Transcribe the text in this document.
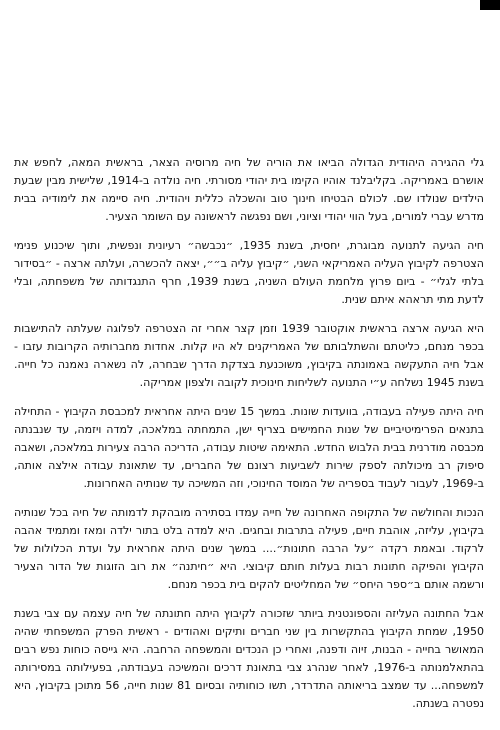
גלי ההגירה היהודית הגדולה הביאו את הוריה של חיה מרוסיה הצאר, בראשית המאה, לחפש את אושרם באמריקה. בקליבלנד אוהיו הקימו בית יהודי מסורתי. חיה נולדה ב-1914, שלישית מבין שבעת הילדים שנולדו שם. לכולם הבטיחו חינוך טוב והשכלה כללית ויהודית. חיה סיימה את לימודיה בבית מדרש עברי למורים, בעל הווי יהודי וציוני, ושם נפגשה לראשונה עם השומר הצעיר.

חיה הגיעה לתנועה מבוגרת, יחסית, בשנת 1935, ״נכבשה״ רעיונית ונפשית, ותוך שיכנוע פנימי הצטרפה לקיבוץ העליה האמריקאי השני, ״קיבוץ עליה ב״״, יצאה להכשרה, ועלתה ארצה - ״בסידור בלתי לגלי״ - ביום פרוץ מלחמת העולם השניה, בשנת 1939, חרף התנגדותה של משפחתה, ובלי לדעת מתי תראהא איתם שנית.

היא הגיעה ארצה בראשית אוקטובר 1939 וזמן קצר אחרי זה הצטרפה לפלוגה שעלתה להתישבות בכפר מנחם, כליטתם והשתלבותם של האמריקנים לא היו קלות. אחדות מחברותיה הקרובות עזבו - אבל חיה התעקשה באמונתה בקיבוץ, משוכנעת בצדקת הדרך שבחרה, לה נשארה נאמנה כל חייה. בשנת 1945 נשלחה ע״י התנועה לשליחות חינוכית לקובה ולצפון אמריקה.

חיה היתה פעילה בעבודה, בוועדות שונות. במשך 15 שנים היתה אחראית למכבסת הקיבוץ - התחילה בתנאים הפרימיטיביים של שנות החמישים בצריף ישן, התמחתה במלאכה, למדה ויזמה, עד שנבנתה מכבסה מודרנית בבית הלבוש החדש. התאימה שיטות עבודה, הדריכה הרבה צעירות במלאכה, ושאבה סיפוק רב מיכולתה לספק שירות לשביעות רצונם של החברים, עד שתאונת עבודה אילצה אותה, ב-1969, לעבור לעבוד בספריה של המוסד החינוכי, וזה המשיכה עד שנותיה האחרונות.

הנכות והחולשה של התקופה האחרונה של חייה עמדו בסתירה מובהקת לדמותה של חיה בכל שנותיה בקיבוץ, עליזה, אוהבת חיים, פעילה בתרבות ובחגים. היא למדה בלט בתור ילדה ומאז ומתמיד אהבה לרקוד. ובאמת רקדה ״על הרבה חתונות״.... במשך שנים היתה אחראית על ועדת הכלולות של הקיבוץ והפיקה חתונות רבות בעלות חותם קיבוצי. היא ״חיתנה״ את רוב הזוגות של הדור הצעיר ורשמה אותם ב״ספר היחס״ של המחליטים להקים בית בכפר מנחם.

אבל החתונה העליזה והספונטנית ביותר שזכורה לקיבוץ היתה חתונתה של חיה עצמה עם צבי בשנת 1950, שמחת הקיבוץ בהתקשרות בין שני חברים ותיקים ואהודים - ראשית הפרק המשפחתי שהיה המאושר בחייה - הבנות, זיוה ודפנה, ואחרי כן הנכדים והמשפחה הרחבה. היא גייסה כוחות נפש רבים בהתאלמנותה ב-1976, לאחר שנהרג צבי בתאונת דרכים והמשיכה בעבודתה, בפעילותה במסירותה למשפחה... עד שמצב בריאותה התדרדר, תשו כוחותיה ובסיום 81 שנות חייה, 56 מתוכן בקיבוץ, היא נפטרה בשנתה.
